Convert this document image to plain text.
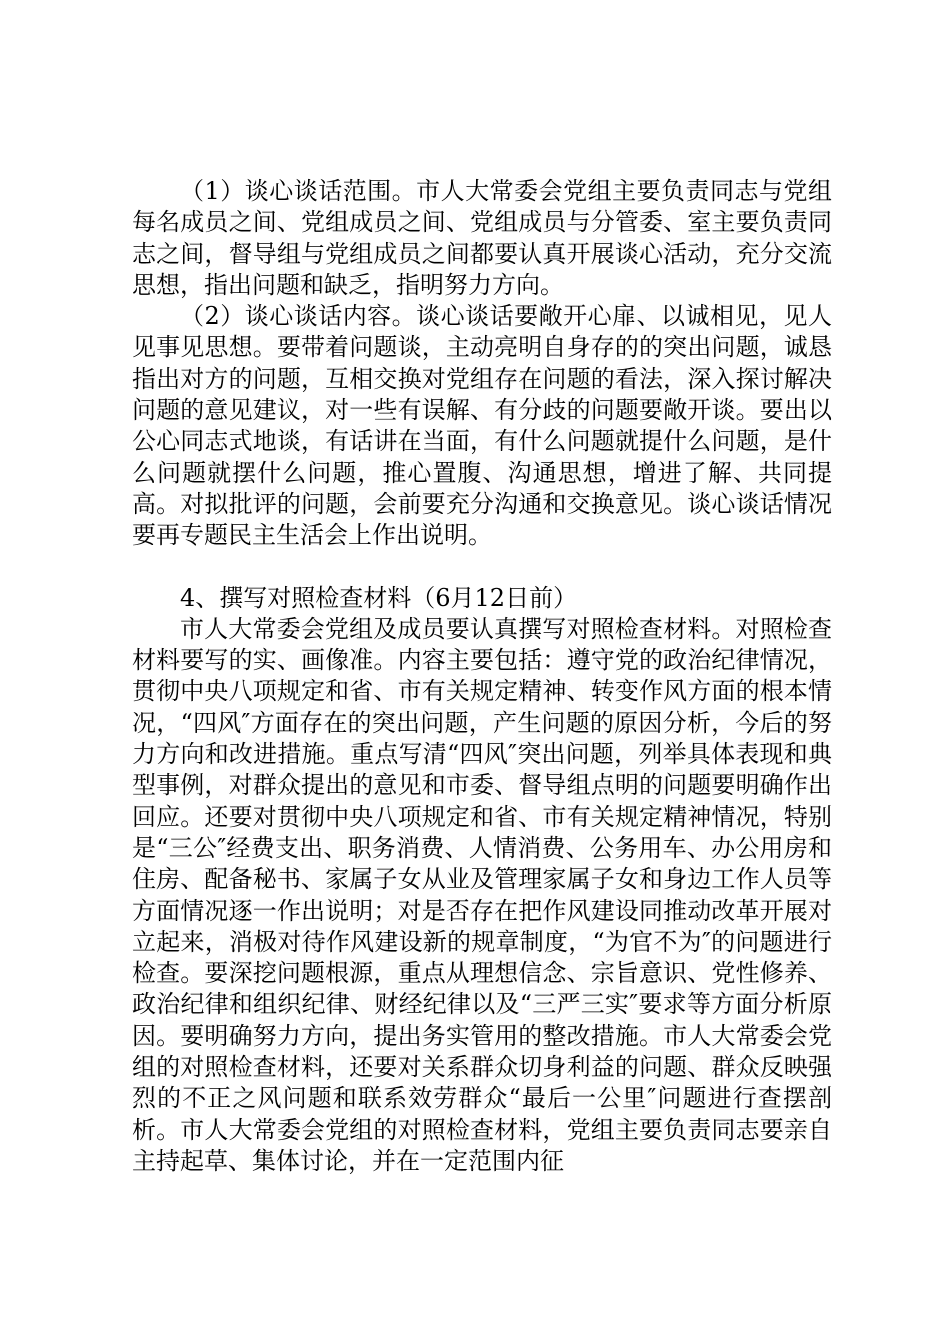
（1）谈心谈话范围。市人大常委会党组主要负责同志与党组每名成员之间、党组成员之间、党组成员与分管委、室主要负责同志之间，督导组与党组成员之间都要认真开展谈心活动，充分交流思想，指出问题和缺乏，指明努力方向。

（2）谈心谈话内容。谈心谈话要敞开心扉、以诚相见，见人见事见思想。要带着问题谈，主动亮明自身存的的突出问题，诚恳指出对方的问题，互相交换对党组存在问题的看法，深入探讨解决问题的意见建议，对一些有误解、有分歧的问题要敞开谈。要出以公心同志式地谈，有话讲在当面，有什么问题就提什么问题，是什么问题就摆什么问题，推心置腹、沟通思想，增进了解、共同提高。对拟批评的问题，会前要充分沟通和交换意见。谈心谈话情况要再专题民主生活会上作出说明。

4、撰写对照检查材料（6月12日前）

市人大常委会党组及成员要认真撰写对照检查材料。对照检查材料要写的实、画像准。内容主要包括：遵守党的政治纪律情况，贯彻中央八项规定和省、市有关规定精神、转变作风方面的根本情况，“四风″方面存在的突出问题，产生问题的原因分析，今后的努力方向和改进措施。重点写清“四风″突出问题，列举具体表现和典型事例，对群众提出的意见和市委、督导组点明的问题要明确作出回应。还要对贯彻中央八项规定和省、市有关规定精神情况，特别是“三公″经费支出、职务消费、人情消费、公务用车、办公用房和住房、配备秘书、家属子女从业及管理家属子女和身边工作人员等方面情况逐一作出说明；对是否存在把作风建设同推动改革开展对立起来，消极对待作风建设新的规章制度，“为官不为″的问题进行检查。要深挖问题根源，重点从理想信念、宗旨意识、党性修养、政治纪律和组织纪律、财经纪律以及“三严三实″要求等方面分析原因。要明确努力方向，提出务实管用的整改措施。市人大常委会党组的对照检查材料，还要对关系群众切身利益的问题、群众反映强烈的不正之风问题和联系效劳群众“最后一公里″问题进行查摆剖析。市人大常委会党组的对照检查材料，党组主要负责同志要亲自主持起草、集体讨论，并在一定范围内征
